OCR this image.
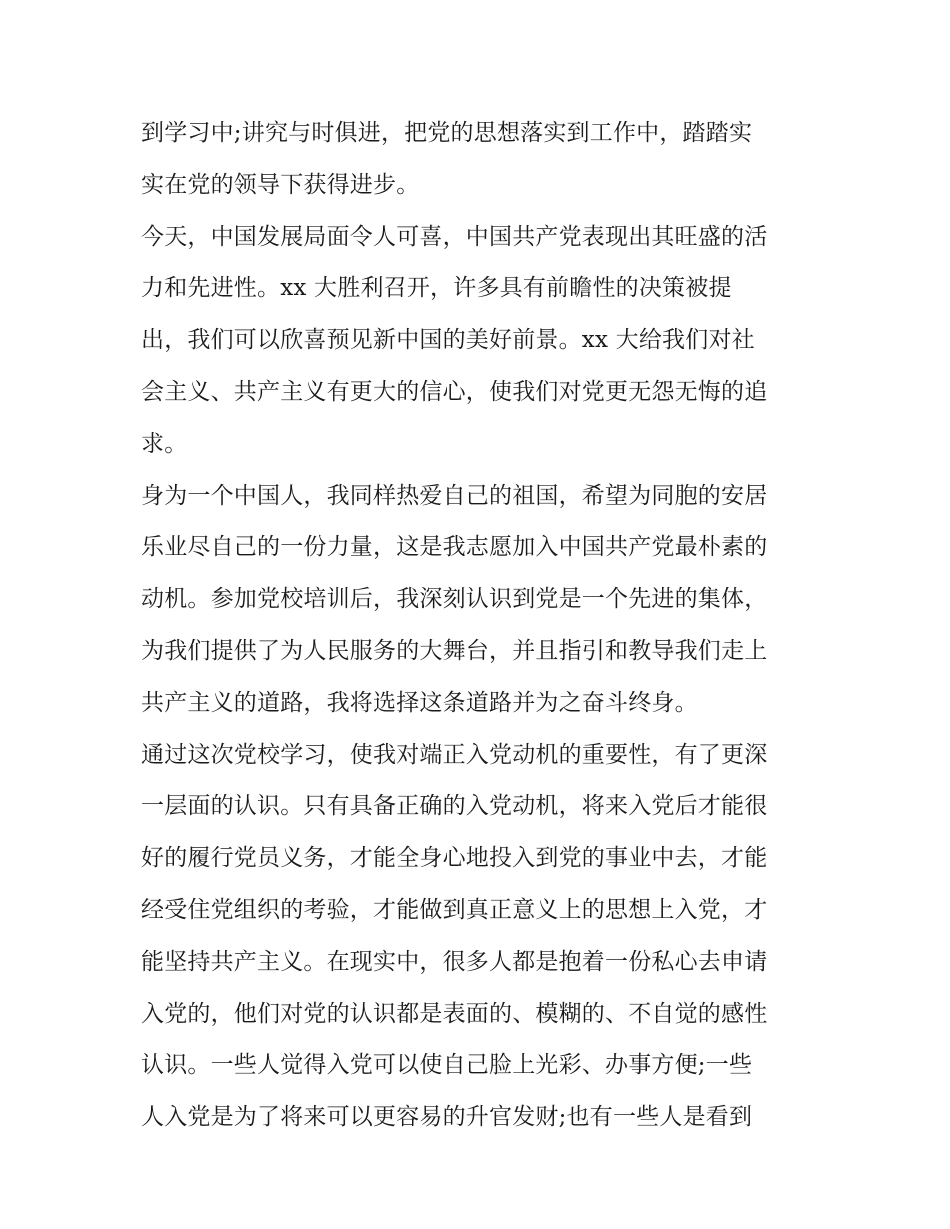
到学习中;讲究与时俱进，把党的思想落实到工作中，踏踏实
实在党的领导下获得进步。
今天，中国发展局面令人可喜，中国共产党表现出其旺盛的活
力和先进性。xx 大胜利召开，许多具有前瞻性的决策被提
出，我们可以欣喜预见新中国的美好前景。xx 大给我们对社
会主义、共产主义有更大的信心，使我们对党更无怨无悔的追
求。
身为一个中国人，我同样热爱自己的祖国，希望为同胞的安居
乐业尽自己的一份力量，这是我志愿加入中国共产党最朴素的
动机。参加党校培训后，我深刻认识到党是一个先进的集体，
为我们提供了为人民服务的大舞台，并且指引和教导我们走上
共产主义的道路，我将选择这条道路并为之奋斗终身。
通过这次党校学习，使我对端正入党动机的重要性，有了更深
一层面的认识。只有具备正确的入党动机，将来入党后才能很
好的履行党员义务，才能全身心地投入到党的事业中去，才能
经受住党组织的考验，才能做到真正意义上的思想上入党，才
能坚持共产主义。在现实中，很多人都是抱着一份私心去申请
入党的，他们对党的认识都是表面的、模糊的、不自觉的感性
认识。一些人觉得入党可以使自己脸上光彩、办事方便;一些
人入党是为了将来可以更容易的升官发财;也有一些人是看到
